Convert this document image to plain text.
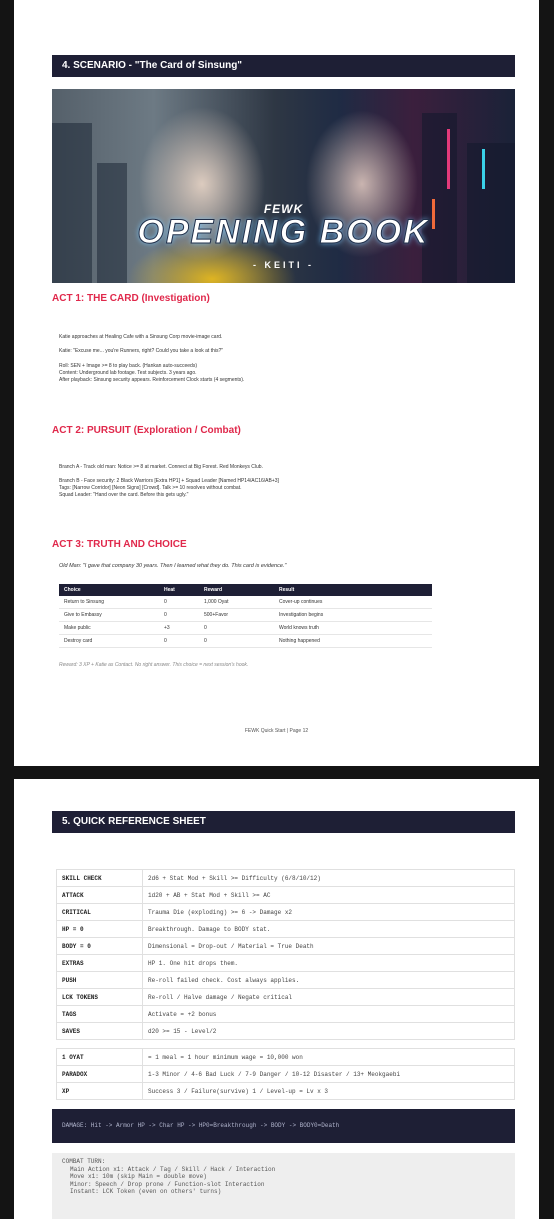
4. SCENARIO - "The Card of Sinsung"
FEWK
OPENING BOOK
- KEITI -
ACT 1: THE CARD (Investigation)
Katie approaches at Healing Cafe with a Sinsung Corp movie-image card.
Katie: "Excuse me... you're Runners, right? Could you take a look at this?"
Roll: SEN + Image >= 8 to play back. (Hankan auto-succeeds)
Content: Underground lab footage. Test subjects. 3 years ago.
After playback: Sinsung security appears. Reinforcement Clock starts (4 segments).
ACT 2: PURSUIT (Exploration / Combat)
Branch A - Track old man: Notice >= 8 at market. Connect at Big Forest. Red Monkeys Club.
Branch B - Face security: 2 Black Warriors [Extra HP1] + Squad Leader [Named HP14/AC16/AB+3]
Tags: [Narrow Corridor] [Neon Signs] [Crowd]. Talk >= 10 resolves without combat.
Squad Leader: "Hand over the card. Before this gets ugly."
ACT 3: TRUTH AND CHOICE
Old Man: "I gave that company 30 years. Then I learned what they do. This card is evidence."
Choice	Heat	Reward	Result
Return to Sinsung	0	1,000 Oyat	Cover-up continues
Give to Embassy	0	500+Favor	Investigation begins
Make public	+3	0	World knows truth
Destroy card	0	0	Nothing happened
Reward: 3 XP + Katie as Contact. No right answer. This choice = next session's hook.
FEWK Quick Start | Page 12
5. QUICK REFERENCE SHEET
SKILL CHECK	2d6 + Stat Mod + Skill >= Difficulty (6/8/10/12)
ATTACK	1d20 + AB + Stat Mod + Skill >= AC
CRITICAL	Trauma Die (exploding) >= 6 -> Damage x2
HP = 0	Breakthrough. Damage to BODY stat.
BODY = 0	Dimensional = Drop-out / Material = True Death
EXTRAS	HP 1. One hit drops them.
PUSH	Re-roll failed check. Cost always applies.
LCK TOKENS	Re-roll / Halve damage / Negate critical
TAGS	Activate = +2 bonus
SAVES	d20 >= 15 - Level/2

1 OYAT	= 1 meal = 1 hour minimum wage = 10,000 won
PARADOX	1-3 Minor / 4-6 Bad Luck / 7-9 Danger / 10-12 Disaster / 13+ Meokgaebi
XP	Success 3 / Failure(survive) 1 / Level-up = Lv x 3
DAMAGE: Hit -> Armor HP -> Char HP -> HP0=Breakthrough -> BODY -> BODY0=Death
COMBAT TURN:
Main Action x1: Attack / Tag / Skill / Hack / Interaction
Move x1: 10m (skip Main = double move)
Minor: Speech / Drop prone / Function-slot Interaction
Instant: LCK Token (even on others' turns)
